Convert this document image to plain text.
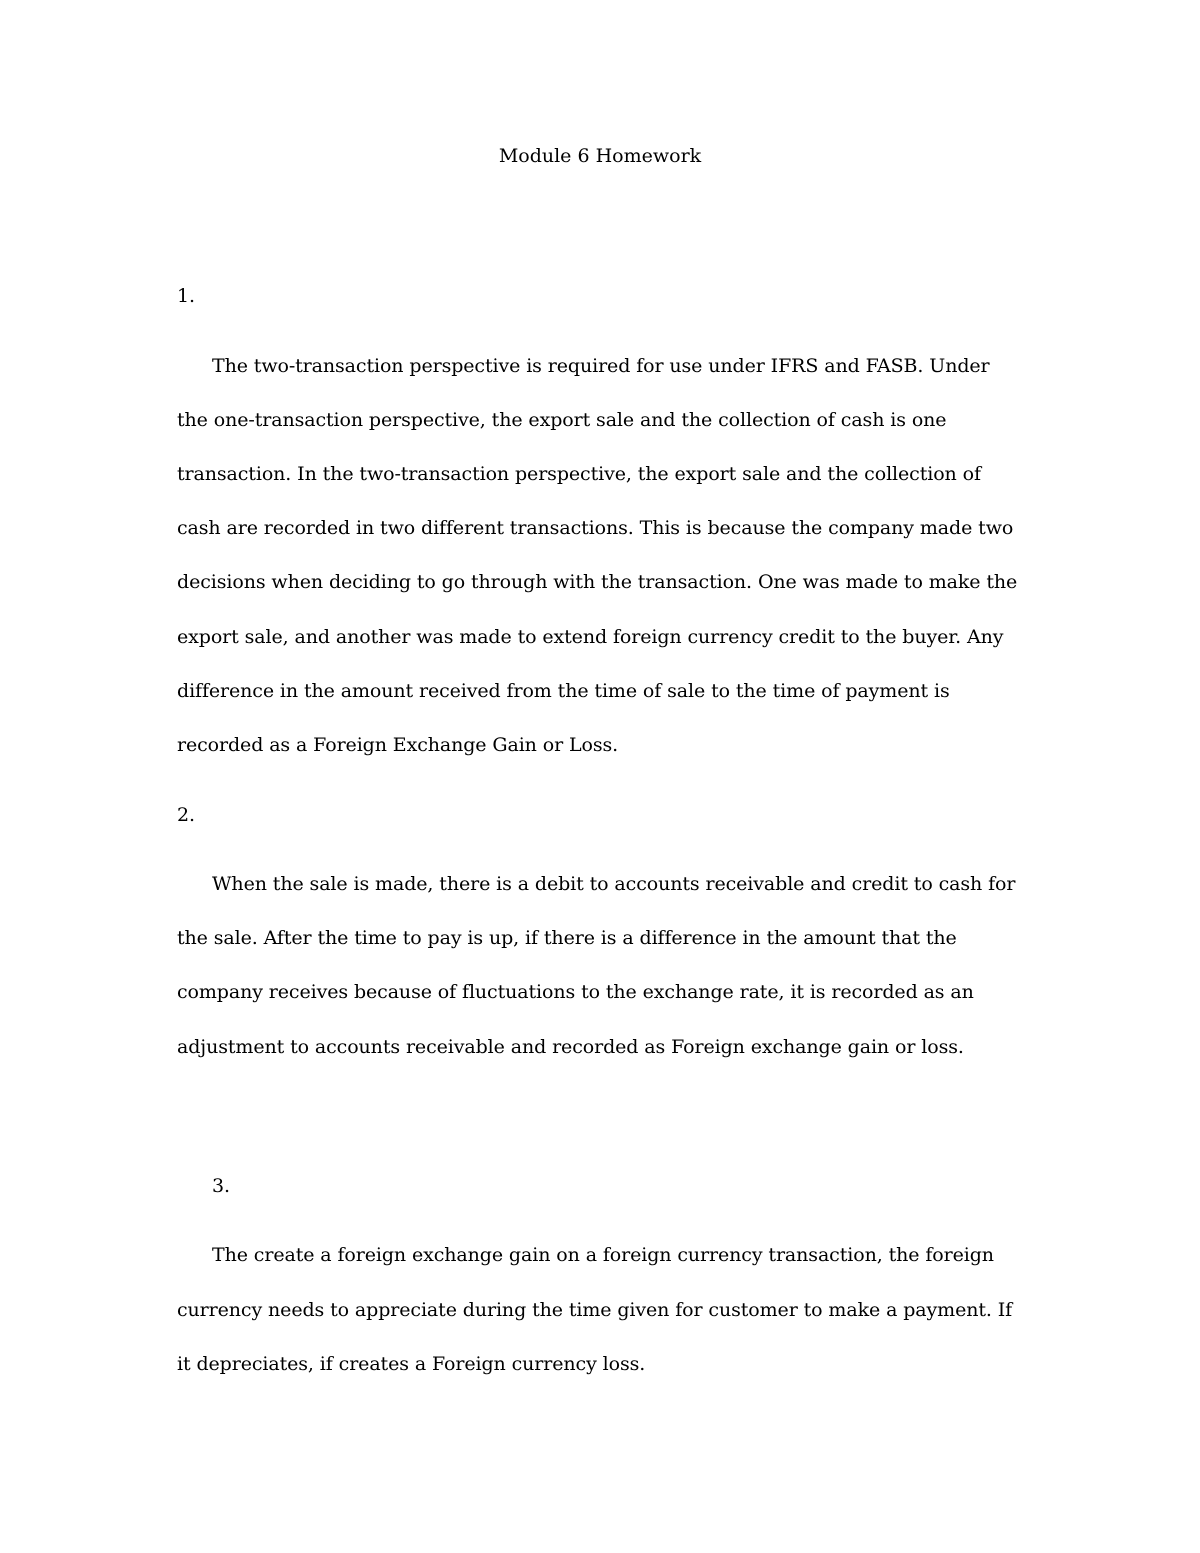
Module 6 Homework
1.
The two-transaction perspective is required for use under IFRS and FASB. Under
the one-transaction perspective, the export sale and the collection of cash is one
transaction. In the two-transaction perspective, the export sale and the collection of
cash are recorded in two different transactions. This is because the company made two
decisions when deciding to go through with the transaction. One was made to make the
export sale, and another was made to extend foreign currency credit to the buyer. Any
difference in the amount received from the time of sale to the time of payment is
recorded as a Foreign Exchange Gain or Loss.
2.
When the sale is made, there is a debit to accounts receivable and credit to cash for
the sale. After the time to pay is up, if there is a difference in the amount that the
company receives because of fluctuations to the exchange rate, it is recorded as an
adjustment to accounts receivable and recorded as Foreign exchange gain or loss.
3.
The create a foreign exchange gain on a foreign currency transaction, the foreign
currency needs to appreciate during the time given for customer to make a payment. If
it depreciates, if creates a Foreign currency loss.
